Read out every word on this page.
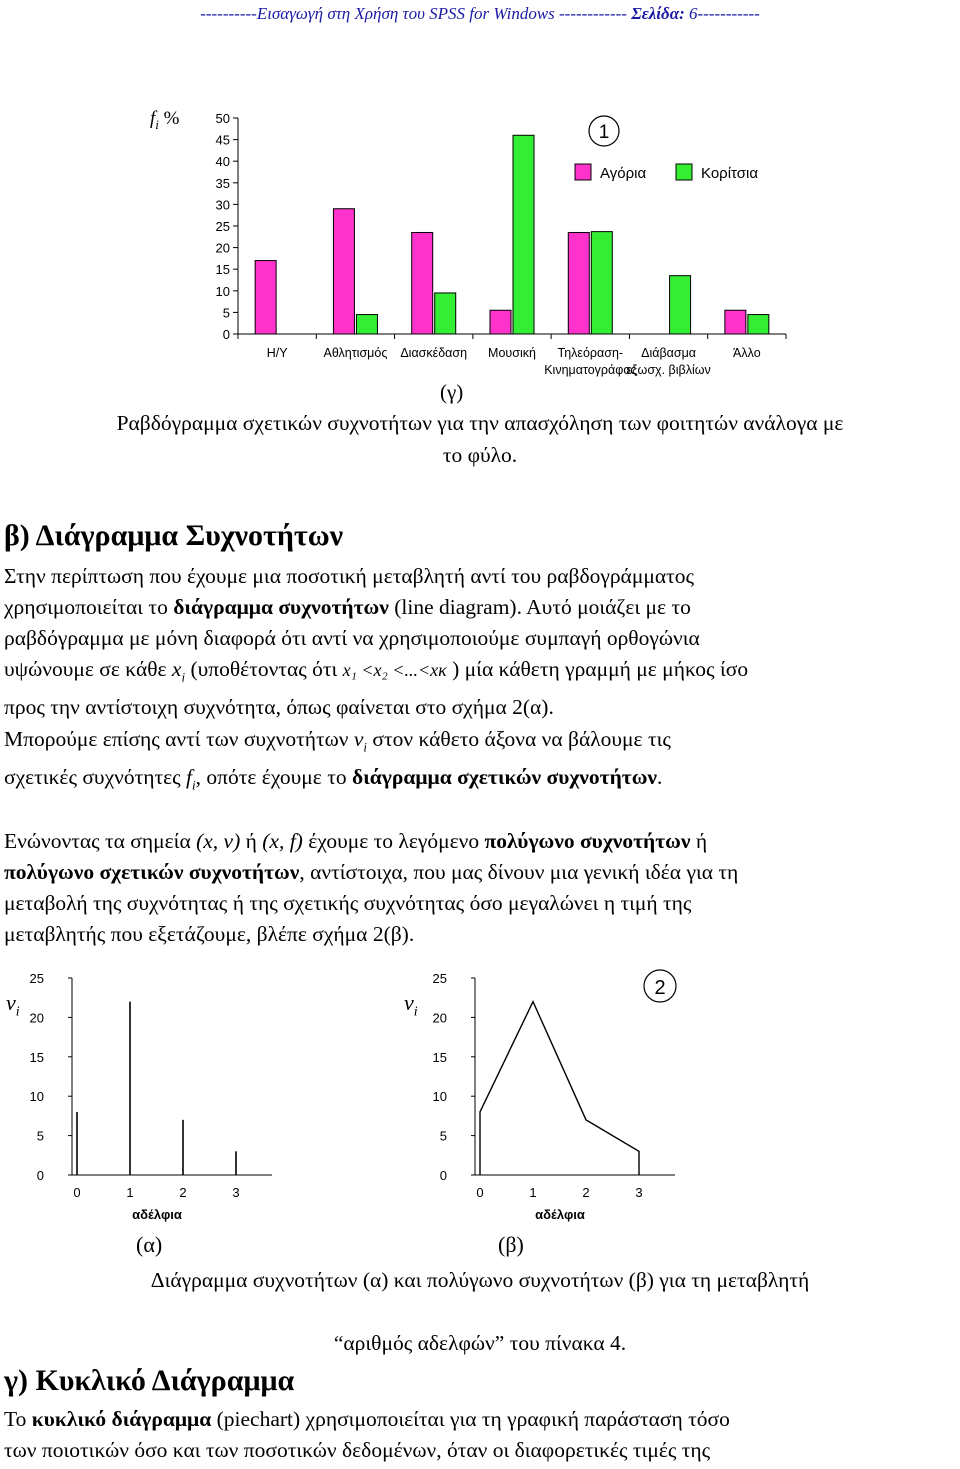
----------Εισαγωγή στη Χρήση του SPSS for Windows ------------ Σελίδα: 6-----------
0
5
10
15
20
25
30
35
40
45
50
Η/Υ	Αθλητισμός Διασκέδαση Μουσική Τηλεόραση-
Κινηματογράφος
Διάβασμα
εξωσχ. βιβλίων
Άλλο
1
Αγόρια	Κορίτσια
$f_i$ %
(γ)
Ραβδόγραμμα σχετικών συχνοτήτων για την απασχόληση των φοιτητών ανάλογα με
το φύλο.
β) Διάγραμμα Συχνοτήτων
Στην περίπτωση που έχουμε μια ποσοτική μεταβλητή αντί του ραβδογράμματος
χρησιμοποιείται το διάγραμμα συχνοτήτων (line diagram). Αυτό μοιάζει με το
ραβδόγραμμα με μόνη διαφορά ότι αντί να χρησιμοποιούμε συμπαγή ορθογώνια
υψώνουμε σε κάθε $x_i$ (υποθέτοντας ότι x₁ <x₂ <...<xκ ) μία κάθετη γραμμή με μήκος ίσο
προς την αντίστοιχη συχνότητα, όπως φαίνεται στο σχήμα 2(α).
Μπορούμε επίσης αντί των συχνοτήτων $v_i$ στον κάθετο άξονα να βάλουμε τις
σχετικές συχνότητες $f_i$, οπότε έχουμε το διάγραμμα σχετικών συχνοτήτων.
Ενώνοντας τα σημεία (x, v) ή (x, f) έχουμε το λεγόμενο πολύγωνο συχνοτήτων ή
πολύγωνο σχετικών συχνοτήτων, αντίστοιχα, που μας δίνουν μια γενική ιδέα για τη
μεταβολή της συχνότητας ή της σχετικής συχνότητας όσο μεγαλώνει η τιμή της
μεταβλητής που εξετάζουμε, βλέπε σχήμα 2(β).
0
5
10
15
20
25
0	1	2	3
αδέλφια
0
5
10
15
20
25
0	1	2	3
αδέλφια
2
$v_i$	$v_i$
(α)	(β)
Διάγραμμα συχνοτήτων (α) και πολύγωνο συχνοτήτων (β) για τη μεταβλητή
“αριθμός αδελφών” του πίνακα 4.
γ) Κυκλικό Διάγραμμα
Το κυκλικό διάγραμμα (piechart) χρησιμοποιείται για τη γραφική παράσταση τόσο
των ποιοτικών όσο και των ποσοτικών δεδομένων, όταν οι διαφορετικές τιμές της
